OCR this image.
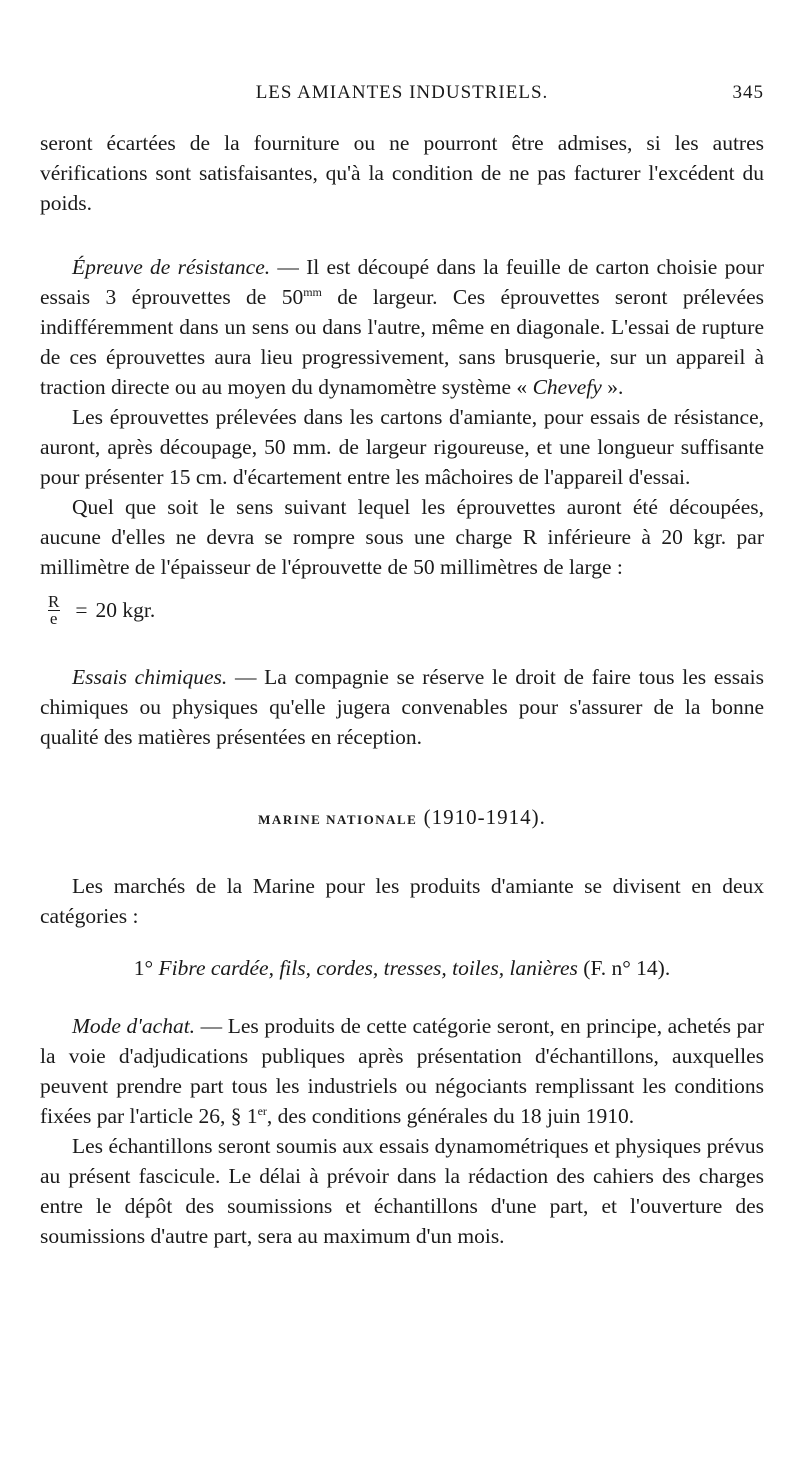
LES AMIANTES INDUSTRIELS.	345

seront écartées de la fourniture ou ne pourront être admises, si les autres vérifications sont satisfaisantes, qu'à la condition de ne pas facturer l'excédent du poids.

Épreuve de résistance. — Il est découpé dans la feuille de carton choisie pour essais 3 éprouvettes de $50^{mm}$ de largeur. Ces éprouvettes seront prélevées indifféremment dans un sens ou dans l'autre, même en diagonale. L'essai de rupture de ces éprouvettes aura lieu progressivement, sans brusquerie, sur un appareil à traction directe ou au moyen du dynamomètre système « Chevefy ».

Les éprouvettes prélevées dans les cartons d'amiante, pour essais de résistance, auront, après découpage, 50 mm. de largeur rigoureuse, et une longueur suffisante pour présenter 15 cm. d'écartement entre les mâchoires de l'appareil d'essai.

Quel que soit le sens suivant lequel les éprouvettes auront été découpées, aucune d'elles ne devra se rompre sous une charge R inférieure à 20 kgr. par millimètre de l'épaisseur de l'éprouvette de 50 millimètres de large :

$\frac{R}{e} = 20$ kgr.

Essais chimiques. — La compagnie se réserve le droit de faire tous les essais chimiques ou physiques qu'elle jugera convenables pour s'assurer de la bonne qualité des matières présentées en réception.

MARINE NATIONALE (1910-1914).

Les marchés de la Marine pour les produits d'amiante se divisent en deux catégories :

1° Fibre cardée, fils, cordes, tresses, toiles, lanières (F. n° 14).

Mode d'achat. — Les produits de cette catégorie seront, en principe, achetés par la voie d'adjudications publiques après présentation d'échantillons, auxquelles peuvent prendre part tous les industriels ou négociants remplissant les conditions fixées par l'article 26, § 1er, des conditions générales du 18 juin 1910.

Les échantillons seront soumis aux essais dynamométriques et physiques prévus au présent fascicule. Le délai à prévoir dans la rédaction des cahiers des charges entre le dépôt des soumissions et échantillons d'une part, et l'ouverture des soumissions d'autre part, sera au maximum d'un mois.
